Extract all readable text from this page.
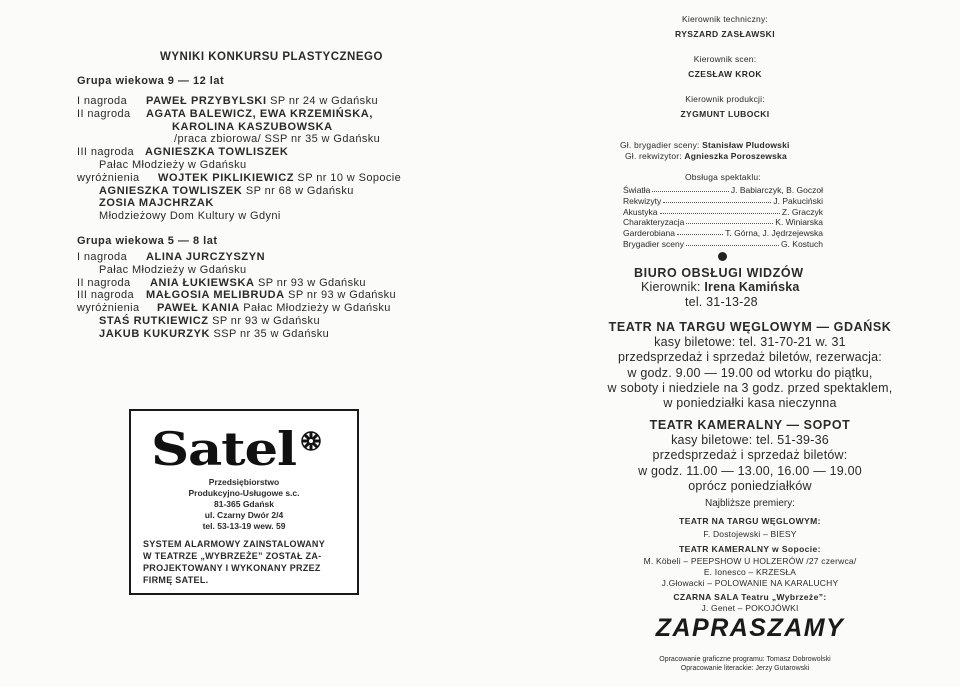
WYNIKI KONKURSU PLASTYCZNEGO
Grupa wiekowa 9 — 12 lat
I nagroda PAWEŁ PRZYBYLSKI SP nr 24 w Gdańsku
II nagroda AGATA BALEWICZ, EWA KRZEMIŃSKA,
KAROLINA KASZUBOWSKA
/praca zbiorowa/ SSP nr 35 w Gdańsku
III nagroda AGNIESZKA TOWLISZEK
Pałac Młodzieży w Gdańsku
wyróżnienia WOJTEK PIKLIKIEWICZ SP nr 10 w Sopocie
AGNIESZKA TOWLISZEK SP nr 68 w Gdańsku
ZOSIA MAJCHRZAK
Młodzieżowy Dom Kultury w Gdyni
Grupa wiekowa 5 — 8 lat
I nagroda ALINA JURCZYSZYN
Pałac Młodzieży w Gdańsku
II nagroda ANIA ŁUKIEWSKA SP nr 93 w Gdańsku
III nagroda MAŁGOSIA MELIBRUDA SP nr 93 w Gdańsku
wyróżnienia PAWEŁ KANIA Pałac Młodzieży w Gdańsku
STAŚ RUTKIEWICZ SP nr 93 w Gdańsku
JAKUB KUKURZYK SSP nr 35 w Gdańsku
Satel
Przedsiębiorstwo
Produkcyjno-Usługowe s.c.
81-365 Gdańsk
ul. Czarny Dwór 2/4
tel. 53-13-19 wew. 59
SYSTEM ALARMOWY ZAINSTALOWANY
W TEATRZE „WYBRZEŻE” ZOSTAŁ ZA-
PROJEKTOWANY I WYKONANY PRZEZ
FIRMĘ SATEL.
Kierownik techniczny:
RYSZARD ZASŁAWSKI
Kierownik scen:
CZESŁAW KROK
Kierownik produkcji:
ZYGMUNT LUBOCKI
Gł. brygadier sceny: Stanisław Pludowski
Gł. rekwizytor: Agnieszka Poroszewska
Obsługa spektaklu:
Światła	J. Babiarczyk, B. Goczoł
Rekwizyty	J. Pakuciński
Akustyka	Z. Graczyk
Charakteryzacja	K. Winiarska
Garderobiana	T. Górna, J. Jędrzejewska
Brygadier sceny	G. Kostuch
BIURO OBSŁUGI WIDZÓW
Kierownik: Irena Kamińska
tel. 31-13-28
TEATR NA TARGU WĘGLOWYM — GDAŃSK
kasy biletowe: tel. 31-70-21 w. 31
przedsprzedaż i sprzedaż biletów, rezerwacja:
w godz. 9.00 — 19.00 od wtorku do piątku,
w soboty i niedziele na 3 godz. przed spektaklem,
w poniedziałki kasa nieczynna
TEATR KAMERALNY — SOPOT
kasy biletowe: tel. 51-39-36
przedsprzedaż i sprzedaż biletów:
w godz. 11.00 — 13.00, 16.00 — 19.00
oprócz poniedziałków
Najbliższe premiery:
TEATR NA TARGU WĘGLOWYM:
F. Dostojewski – BIESY
TEATR KAMERALNY w Sopocie:
M. Köbeli – PEEPSHOW U HOLZERÓW /27 czerwca/
E. Ionesco – KRZESŁA
J.Głowacki – POLOWANIE NA KARALUCHY
CZARNA SALA Teatru „Wybrzeże”:
J. Genet – POKOJÓWKI
ZAPRASZAMY
Opracowanie graficzne programu: Tomasz Dobrowolski
Opracowanie literackie: Jerzy Gutarowski
